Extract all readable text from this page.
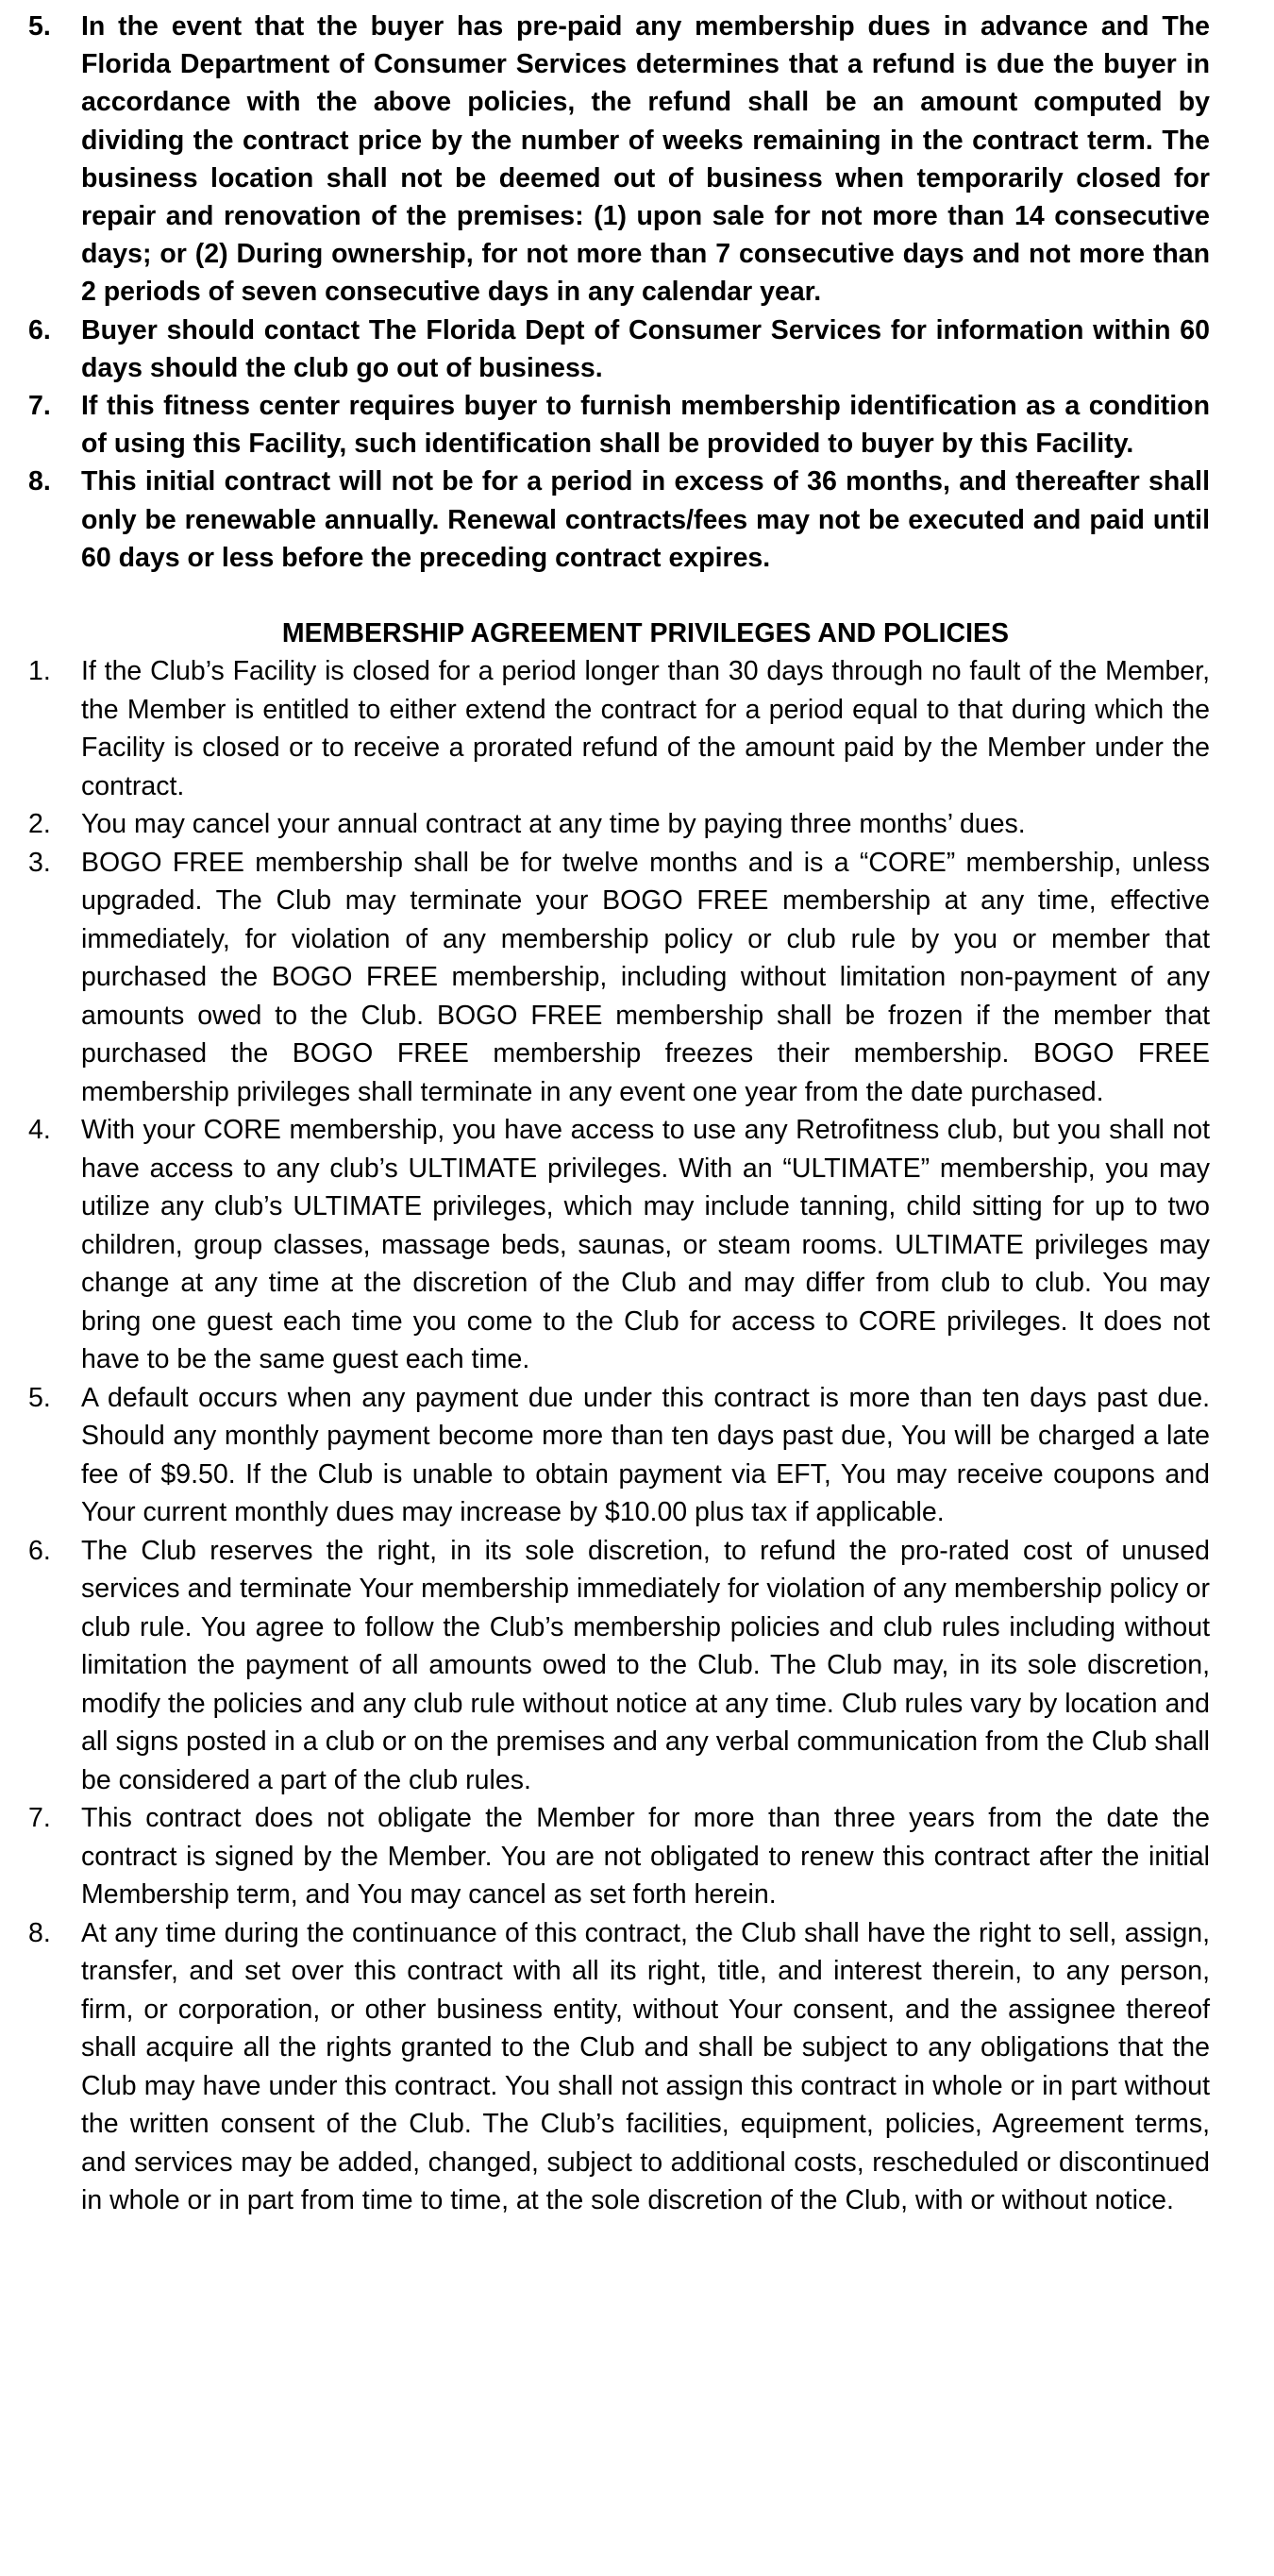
5.	In the event that the buyer has pre-paid any membership dues in advance and The Florida Department of Consumer Services determines that a refund is due the buyer in accordance with the above policies, the refund shall be an amount computed by dividing the contract price by the number of weeks remaining in the contract term. The business location shall not be deemed out of business when temporarily closed for repair and renovation of the premises: (1) upon sale for not more than 14 consecutive days; or (2) During ownership, for not more than 7 consecutive days and not more than 2 periods of seven consecutive days in any calendar year.
6.	Buyer should contact The Florida Dept of Consumer Services for information within 60 days should the club go out of business.
7.	If this fitness center requires buyer to furnish membership identification as a condition of using this Facility, such identification shall be provided to buyer by this Facility.
8.	This initial contract will not be for a period in excess of 36 months, and thereafter shall only be renewable annually. Renewal contracts/fees may not be executed and paid until 60 days or less before the preceding contract expires.
MEMBERSHIP AGREEMENT PRIVILEGES AND POLICIES
1.	If the Club’s Facility is closed for a period longer than 30 days through no fault of the Member, the Member is entitled to either extend the contract for a period equal to that during which the Facility is closed or to receive a prorated refund of the amount paid by the Member under the contract.
2.	You may cancel your annual contract at any time by paying three months’ dues.
3.	BOGO FREE membership shall be for twelve months and is a “CORE” membership, unless upgraded. The Club may terminate your BOGO FREE membership at any time, effective immediately, for violation of any membership policy or club rule by you or member that purchased the BOGO FREE membership, including without limitation non-payment of any amounts owed to the Club. BOGO FREE membership shall be frozen if the member that purchased the BOGO FREE membership freezes their membership. BOGO FREE membership privileges shall terminate in any event one year from the date purchased.
4.	With your CORE membership, you have access to use any Retrofitness club, but you shall not have access to any club’s ULTIMATE privileges. With an “ULTIMATE” membership, you may utilize any club’s ULTIMATE privileges, which may include tanning, child sitting for up to two children, group classes, massage beds, saunas, or steam rooms. ULTIMATE privileges may change at any time at the discretion of the Club and may differ from club to club. You may bring one guest each time you come to the Club for access to CORE privileges. It does not have to be the same guest each time.
5.	A default occurs when any payment due under this contract is more than ten days past due. Should any monthly payment become more than ten days past due, You will be charged a late fee of $9.50. If the Club is unable to obtain payment via EFT, You may receive coupons and Your current monthly dues may increase by $10.00 plus tax if applicable.
6.	The Club reserves the right, in its sole discretion, to refund the pro-rated cost of unused services and terminate Your membership immediately for violation of any membership policy or club rule. You agree to follow the Club’s membership policies and club rules including without limitation the payment of all amounts owed to the Club. The Club may, in its sole discretion, modify the policies and any club rule without notice at any time. Club rules vary by location and all signs posted in a club or on the premises and any verbal communication from the Club shall be considered a part of the club rules.
7.	This contract does not obligate the Member for more than three years from the date the contract is signed by the Member. You are not obligated to renew this contract after the initial Membership term, and You may cancel as set forth herein.
8.	At any time during the continuance of this contract, the Club shall have the right to sell, assign, transfer, and set over this contract with all its right, title, and interest therein, to any person, firm, or corporation, or other business entity, without Your consent, and the assignee thereof shall acquire all the rights granted to the Club and shall be subject to any obligations that the Club may have under this contract. You shall not assign this contract in whole or in part without the written consent of the Club. The Club’s facilities, equipment, policies, Agreement terms, and services may be added, changed, subject to additional costs, rescheduled or discontinued in whole or in part from time to time, at the sole discretion of the Club, with or without notice.
